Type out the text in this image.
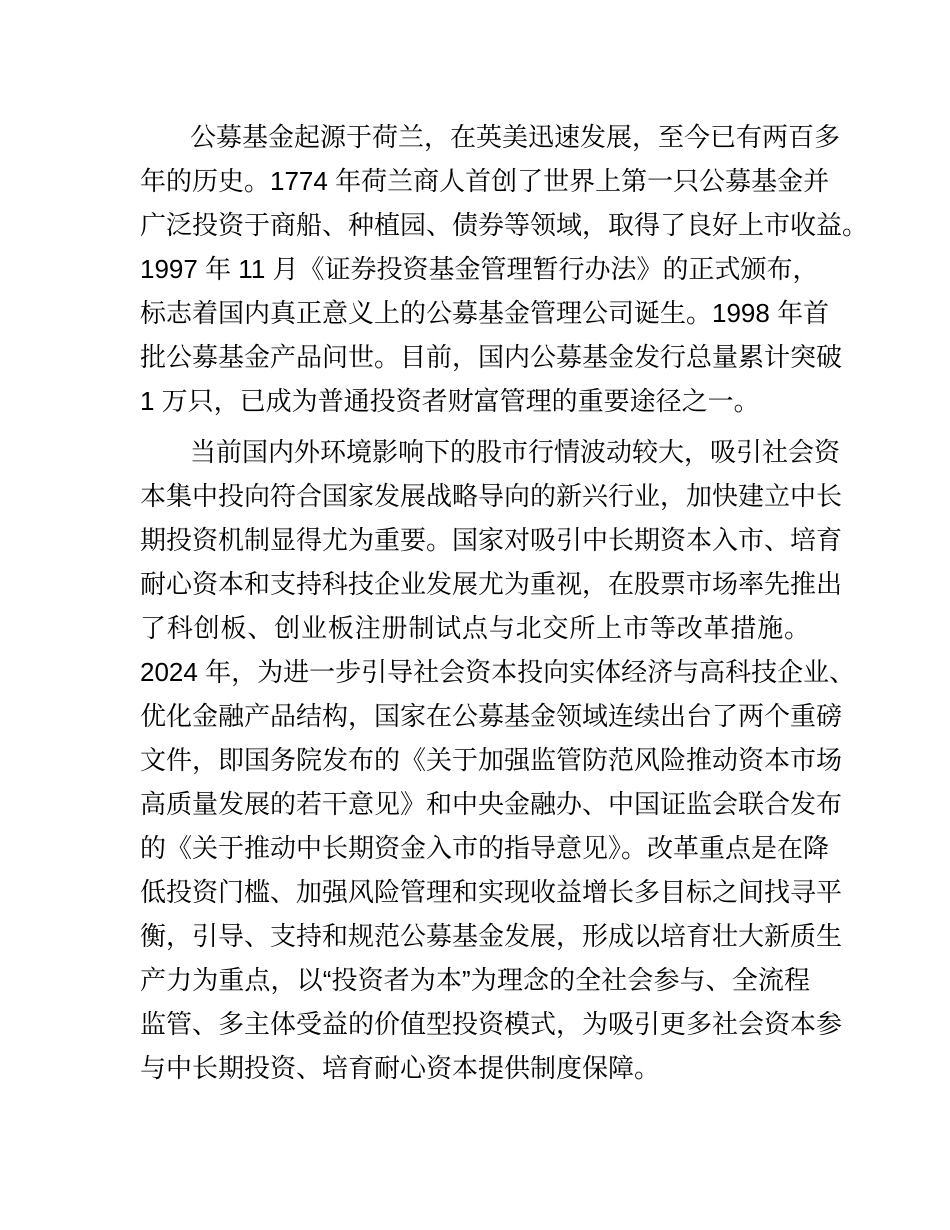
公募基金起源于荷兰，在英美迅速发展，至今已有两百多
年的历史。1774 年荷兰商人首创了世界上第一只公募基金并
广泛投资于商船、种植园、债券等领域，取得了良好上市收益。
1997 年 11 月《证券投资基金管理暂行办法》的正式颁布，
标志着国内真正意义上的公募基金管理公司诞生。1998 年首
批公募基金产品问世。目前，国内公募基金发行总量累计突破
1 万只，已成为普通投资者财富管理的重要途径之一。
当前国内外环境影响下的股市行情波动较大，吸引社会资
本集中投向符合国家发展战略导向的新兴行业，加快建立中长
期投资机制显得尤为重要。国家对吸引中长期资本入市、培育
耐心资本和支持科技企业发展尤为重视，在股票市场率先推出
了科创板、创业板注册制试点与北交所上市等改革措施。
2024 年，为进一步引导社会资本投向实体经济与高科技企业、
优化金融产品结构，国家在公募基金领域连续出台了两个重磅
文件，即国务院发布的《关于加强监管防范风险推动资本市场
高质量发展的若干意见》和中央金融办、中国证监会联合发布
的《关于推动中长期资金入市的指导意见》。改革重点是在降
低投资门槛、加强风险管理和实现收益增长多目标之间找寻平
衡，引导、支持和规范公募基金发展，形成以培育壮大新质生
产力为重点，以“投资者为本”为理念的全社会参与、全流程
监管、多主体受益的价值型投资模式，为吸引更多社会资本参
与中长期投资、培育耐心资本提供制度保障。
